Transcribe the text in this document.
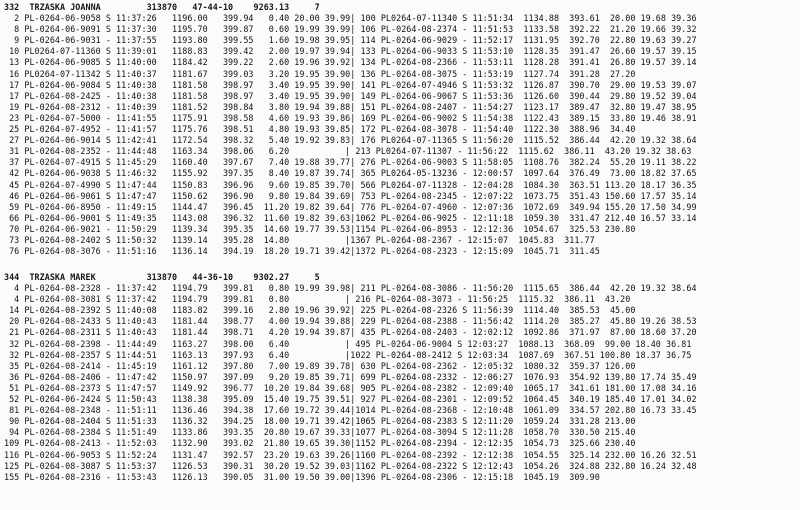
332  TRZASKA JOANNA         313870   47-44-10    9263.13     7
2 PL-0264-06-9058 S 11:37:26   1196.00   399.94   0.40 20.00 39.99| 100 PL0264-07-11340 S 11:51:34  1134.88  393.61  20.00 19.68 39.36
8 PL-0264-06-9091 S 11:37:30   1195.70   399.87   0.60 19.99 39.99| 106 PL-0264-08-2374 - 11:51:53  1133.58  392.22  21.20 19.66 39.32
9 PL-0264-06-9031 - 11:37:55   1193.80   399.55   1.60 19.98 39.95| 114 PL-0264-06-9029 - 11:52:17  1131.95  392.70  22.80 19.63 39.27
10 PL0264-07-11360 S 11:39:01   1188.83   399.42   2.00 19.97 39.94| 133 PL-0264-06-9033 S 11:53:10  1128.35  391.47  26.60 19.57 39.15
13 PL-0264-06-9085 S 11:40:00   1184.42   399.22   2.60 19.96 39.92| 134 PL-0264-08-2366 - 11:53:11  1128.28  391.41  26.80 19.57 39.14
16 PL0264-07-11342 S 11:40:37   1181.67   399.03   3.20 19.95 39.90| 136 PL-0264-08-3075 - 11:53:19  1127.74  391.28  27.20
17 PL-0264-06-9084 S 11:40:38   1181.58   398.97   3.40 19.95 39.90| 141 PL-0264-07-4946 S 11:53:32  1126.87  390.70  29.00 19.53 39.07
17 PL-0264-08-2425 - 11:40:38   1181.58   398.97   3.40 19.95 39.90| 149 PL-0264-06-9067 S 11:53:36  1126.60  390.44  29.80 19.52 39.04
19 PL-0264-08-2312 - 11:40:39   1181.52   398.84   3.80 19.94 39.88| 151 PL-0264-08-2407 - 11:54:27  1123.17  389.47  32.80 19.47 38.95
23 PL-0264-07-5000 - 11:41:55   1175.91   398.58   4.60 19.93 39.86| 169 PL-0264-06-9002 S 11:54:38  1122.43  389.15  33.80 19.46 38.91
25 PL-0264-07-4952 - 11:41:57   1175.76   398.51   4.80 19.93 39.85| 172 PL-0264-08-3078 - 11:54:40  1122.30  388.96  34.40
27 PL-0264-06-9014 S 11:42:41   1172.54   398.32   5.40 19.92 39.83| 176 PL0264-07-11365 S 11:56:20  1115.52  386.44  42.20 19.32 38.64
31 PL-0264-08-2352 - 11:44:48   1163.34   398.06   6.20           | 213 PL0264-07-11307 - 11:56:22  1115.62  386.11  43.20 19.32 38.63
37 PL-0264-07-4915 S 11:45:29   1160.40   397.67   7.40 19.88 39.77| 276 PL-0264-06-9003 S 11:58:05  1108.76  382.24  55.20 19.11 38.22
42 PL-0264-06-9038 S 11:46:32   1155.92   397.35   8.40 19.87 39.74| 365 PL0264-05-13236 - 12:00:57  1097.64  376.49  73.00 18.82 37.65
45 PL-0264-07-4990 S 11:47:44   1150.83   396.96   9.60 19.85 39.70| 566 PL0264-07-11328 - 12:04:28  1084.30  363.51 113.20 18.17 36.35
46 PL-0264-06-9061 S 11:47:47   1150.62   396.90   9.80 19.84 39.69| 753 PL-0264-08-2345 - 12:07:22  1073.75  351.43 150.60 17.57 35.14
59 PL-0264-06-8950 - 11:49:15   1144.47   396.45  11.20 19.82 39.64| 776 PL-0264-07-4960 - 12:07:36  1072.69  349.94 155.20 17.50 34.99
66 PL-0264-06-9001 S 11:49:35   1143.08   396.32  11.60 19.82 39.63|1062 PL-0264-06-9025 - 12:11:18  1059.30  331.47 212.40 16.57 33.14
70 PL-0264-06-9021 - 11:50:29   1139.34   395.35  14.60 19.77 39.53|1154 PL-0264-06-8953 - 12:12:36  1054.67  325.53 230.80
73 PL-0264-08-2402 S 11:50:32   1139.14   395.28  14.80           |1367 PL-0264-08-2367 - 12:15:07  1045.83  311.77
76 PL-0264-08-3076 - 11:51:16   1136.14   394.19  18.20 19.71 39.42|1372 PL-0264-08-2323 - 12:15:09  1045.71  311.45
344  TRZASKA MAREK          313870   44-36-10    9302.27     5
4 PL-0264-08-2328 - 11:37:42   1194.79   399.81   0.80 19.99 39.98| 211 PL-0264-08-3086 - 11:56:20  1115.65  386.44  42.20 19.32 38.64
4 PL-0264-08-3081 S 11:37:42   1194.79   399.81   0.80           | 216 PL-0264-08-3073 - 11:56:25  1115.32  386.11  43.20
14 PL-0264-08-2392 S 11:40:08   1183.82   399.16   2.80 19.96 39.92| 225 PL-0264-08-2326 S 11:56:39  1114.40  385.53  45.00
20 PL-0264-08-2433 S 11:40:43   1181.44   398.77   4.00 19.94 39.88| 229 PL-0264-08-2388 - 11:56:42  1114.20  385.27  45.80 19.26 38.53
21 PL-0264-08-2311 S 11:40:43   1181.44   398.71   4.20 19.94 39.87| 435 PL-0264-08-2403 - 12:02:12  1092.86  371.97  87.00 18.60 37.20
32 PL-0264-08-2398 - 11:44:49   1163.27   398.00   6.40           | 495 PL-0264-06-9004 S 12:03:27  1088.13  368.09  99.00 18.40 36.81
32 PL-0264-08-2357 S 11:44:51   1163.13   397.93   6.40           |1022 PL-0264-08-2412 S 12:03:34  1087.69  367.51 100.80 18.37 36.75
35 PL-0264-08-2414 - 11:45:19   1161.12   397.80   7.00 19.89 39.78| 630 PL-0264-08-2362 - 12:05:32  1080.32  359.37 126.00
36 PL-0264-08-2406 - 11:47:42   1150.97   397.09   9.20 19.85 39.71| 699 PL-0264-08-2332 - 12:06:27  1076.93  354.92 139.80 17.74 35.49
51 PL-0264-08-2373 S 11:47:57   1149.92   396.77  10.20 19.84 39.68| 905 PL-0264-08-2382 - 12:09:40  1065.17  341.61 181.00 17.08 34.16
52 PL-0264-06-2424 S 11:50:43   1138.38   395.09  15.40 19.75 39.51| 927 PL-0264-08-2301 - 12:09:52  1064.45  340.19 185.40 17.01 34.02
81 PL-0264-08-2348 - 11:51:11   1136.46   394.38  17.60 19.72 39.44|1014 PL-0264-08-2368 - 12:10:48  1061.09  334.57 202.80 16.73 33.45
90 PL-0264-08-2404 S 11:51:33   1136.32   394.25  18.00 19.71 39.42|1065 PL-0264-08-2383 S 12:11:20  1059.24  331.28 213.00
94 PL-0264-08-2384 S 11:51:49   1133.86   393.35  20.80 19.67 39.33|1077 PL-0264-08-3094 S 12:11:28  1058.70  330.50 215.40
109 PL-0264-08-2413 - 11:52:03   1132.90   393.02  21.80 19.65 39.30|1152 PL-0264-08-2394 - 12:12:35  1054.73  325.66 230.40
116 PL-0264-06-9053 S 11:52:24   1131.47   392.57  23.20 19.63 39.26|1160 PL-0264-08-2392 - 12:12:38  1054.55  325.14 232.00 16.26 32.51
125 PL-0264-08-3087 S 11:53:37   1126.53   390.31  30.20 19.52 39.03|1162 PL-0264-08-2322 S 12:12:43  1054.26  324.88 232.80 16.24 32.48
155 PL-0264-08-2316 - 11:53:43   1126.13   390.05  31.00 19.50 39.00|1396 PL-0264-08-2306 - 12:15:18  1045.19  309.90
